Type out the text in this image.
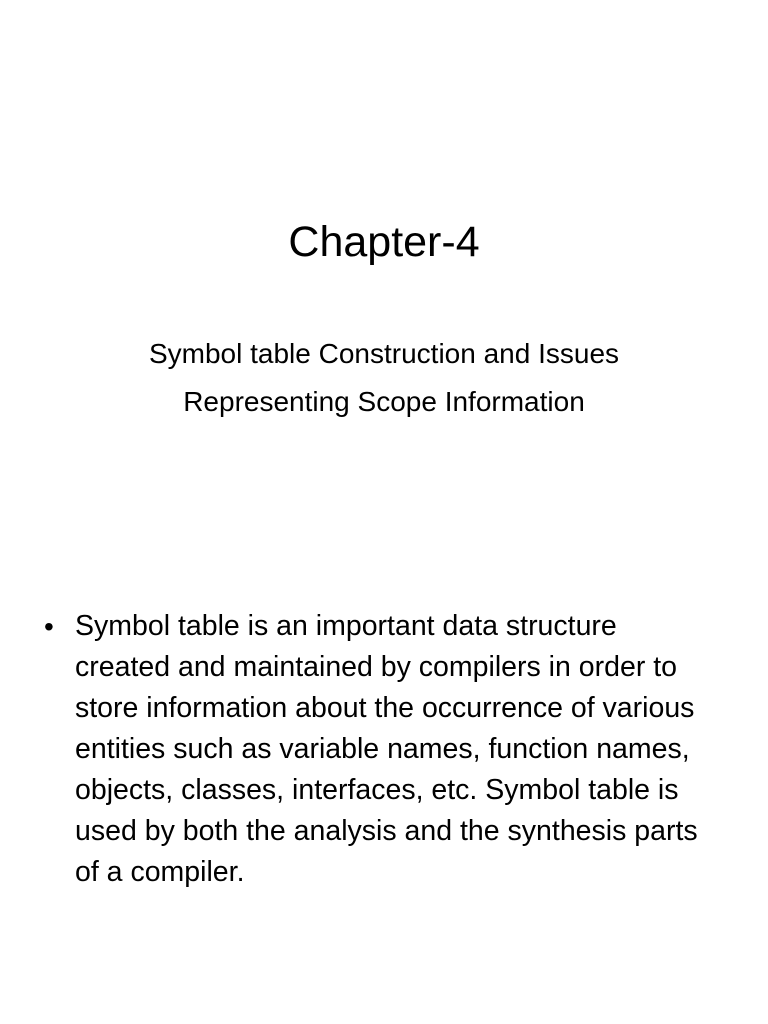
Chapter-4
Symbol table Construction and Issues
Representing Scope Information
• Symbol table is an important data structure created and maintained by compilers in order to store information about the occurrence of various entities such as variable names, function names, objects, classes, interfaces, etc. Symbol table is used by both the analysis and the synthesis parts of a compiler.
